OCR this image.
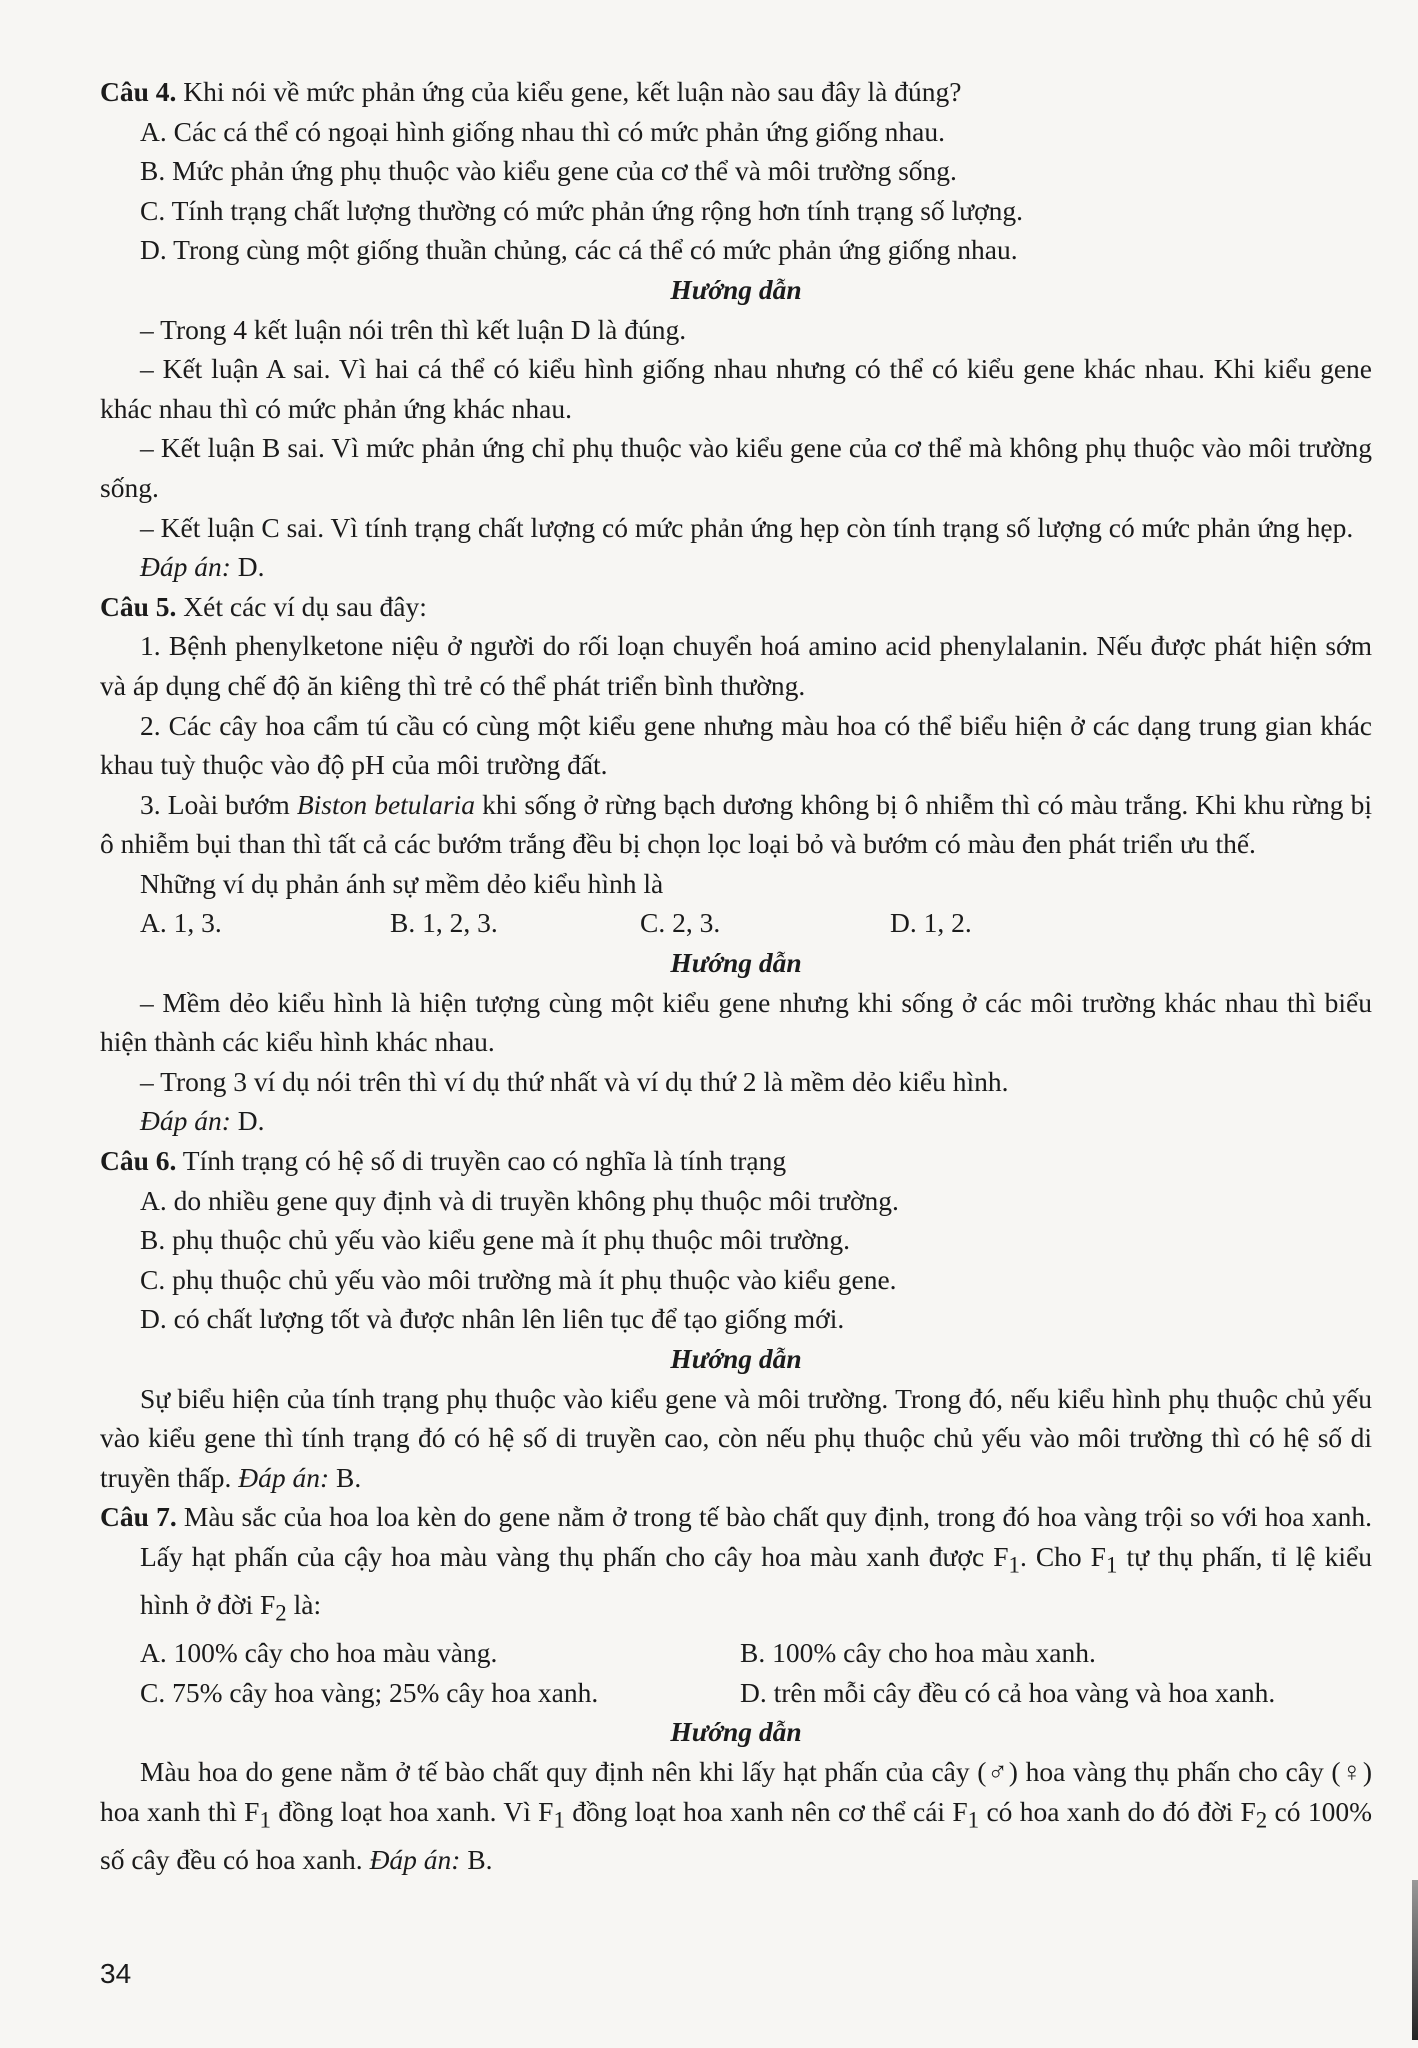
Câu 4. Khi nói về mức phản ứng của kiểu gene, kết luận nào sau đây là đúng?

A. Các cá thể có ngoại hình giống nhau thì có mức phản ứng giống nhau.

B. Mức phản ứng phụ thuộc vào kiểu gene của cơ thể và môi trường sống.

C. Tính trạng chất lượng thường có mức phản ứng rộng hơn tính trạng số lượng.

D. Trong cùng một giống thuần chủng, các cá thể có mức phản ứng giống nhau.

Hướng dẫn

– Trong 4 kết luận nói trên thì kết luận D là đúng.

– Kết luận A sai. Vì hai cá thể có kiểu hình giống nhau nhưng có thể có kiểu gene khác nhau. Khi kiểu gene khác nhau thì có mức phản ứng khác nhau.

– Kết luận B sai. Vì mức phản ứng chỉ phụ thuộc vào kiểu gene của cơ thể mà không phụ thuộc vào môi trường sống.

– Kết luận C sai. Vì tính trạng chất lượng có mức phản ứng hẹp còn tính trạng số lượng có mức phản ứng hẹp.

Đáp án: D.

Câu 5. Xét các ví dụ sau đây:

1. Bệnh phenylketone niệu ở người do rối loạn chuyển hoá amino acid phenylalanin. Nếu được phát hiện sớm và áp dụng chế độ ăn kiêng thì trẻ có thể phát triển bình thường.

2. Các cây hoa cẩm tú cầu có cùng một kiểu gene nhưng màu hoa có thể biểu hiện ở các dạng trung gian khác khau tuỳ thuộc vào độ pH của môi trường đất.

3. Loài bướm Biston betularia khi sống ở rừng bạch dương không bị ô nhiễm thì có màu trắng. Khi khu rừng bị ô nhiễm bụi than thì tất cả các bướm trắng đều bị chọn lọc loại bỏ và bướm có màu đen phát triển ưu thế.

Những ví dụ phản ánh sự mềm dẻo kiểu hình là

A. 1, 3.	B. 1, 2, 3.	C. 2, 3.	D. 1, 2.

Hướng dẫn

– Mềm dẻo kiểu hình là hiện tượng cùng một kiểu gene nhưng khi sống ở các môi trường khác nhau thì biểu hiện thành các kiểu hình khác nhau.

– Trong 3 ví dụ nói trên thì ví dụ thứ nhất và ví dụ thứ 2 là mềm dẻo kiểu hình.

Đáp án: D.

Câu 6. Tính trạng có hệ số di truyền cao có nghĩa là tính trạng

A. do nhiều gene quy định và di truyền không phụ thuộc môi trường.

B. phụ thuộc chủ yếu vào kiểu gene mà ít phụ thuộc môi trường.

C. phụ thuộc chủ yếu vào môi trường mà ít phụ thuộc vào kiểu gene.

D. có chất lượng tốt và được nhân lên liên tục để tạo giống mới.

Hướng dẫn

Sự biểu hiện của tính trạng phụ thuộc vào kiểu gene và môi trường. Trong đó, nếu kiểu hình phụ thuộc chủ yếu vào kiểu gene thì tính trạng đó có hệ số di truyền cao, còn nếu phụ thuộc chủ yếu vào môi trường thì có hệ số di truyền thấp. Đáp án: B.

Câu 7. Màu sắc của hoa loa kèn do gene nằm ở trong tế bào chất quy định, trong đó hoa vàng trội so với hoa xanh. Lấy hạt phấn của cậy hoa màu vàng thụ phấn cho cây hoa màu xanh được $F_1$. Cho $F_1$ tự thụ phấn, tỉ lệ kiểu hình ở đời $F_2$ là:

A. 100% cây cho hoa màu vàng.	B. 100% cây cho hoa màu xanh.
C. 75% cây hoa vàng; 25% cây hoa xanh.	D. trên mỗi cây đều có cả hoa vàng và hoa xanh.

Hướng dẫn

Màu hoa do gene nằm ở tế bào chất quy định nên khi lấy hạt phấn của cây (♂) hoa vàng thụ phấn cho cây (♀) hoa xanh thì $F_1$ đồng loạt hoa xanh. Vì $F_1$ đồng loạt hoa xanh nên cơ thể cái $F_1$ có hoa xanh do đó đời $F_2$ có 100% số cây đều có hoa xanh. Đáp án: B.

34
